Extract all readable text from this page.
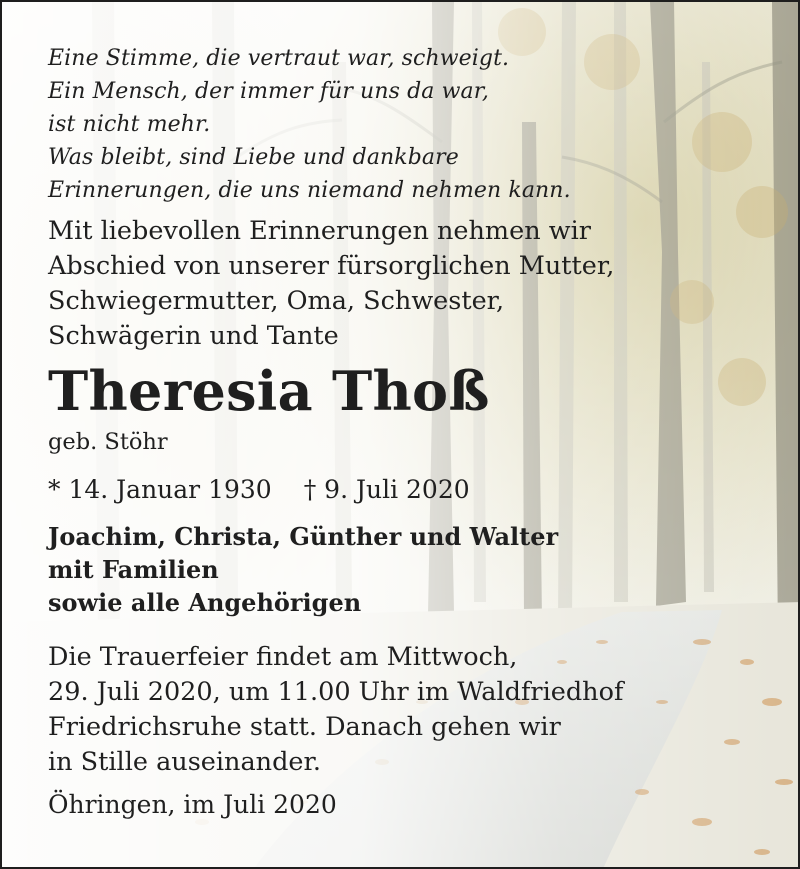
Eine Stimme, die vertraut war, schweigt.
Ein Mensch, der immer für uns da war,
ist nicht mehr.
Was bleibt, sind Liebe und dankbare
Erinnerungen, die uns niemand nehmen kann.
Mit liebevollen Erinnerungen nehmen wir
Abschied von unserer fürsorglichen Mutter,
Schwiegermutter, Oma, Schwester,
Schwägerin und Tante
Theresia Thoß
geb. Stöhr
* 14. Januar 1930 † 9. Juli 2020
Joachim, Christa, Günther und Walter
mit Familien
sowie alle Angehörigen
Die Trauerfeier findet am Mittwoch,
29. Juli 2020, um 11.00 Uhr im Waldfriedhof
Friedrichsruhe statt. Danach gehen wir
in Stille auseinander.
Öhringen, im Juli 2020
